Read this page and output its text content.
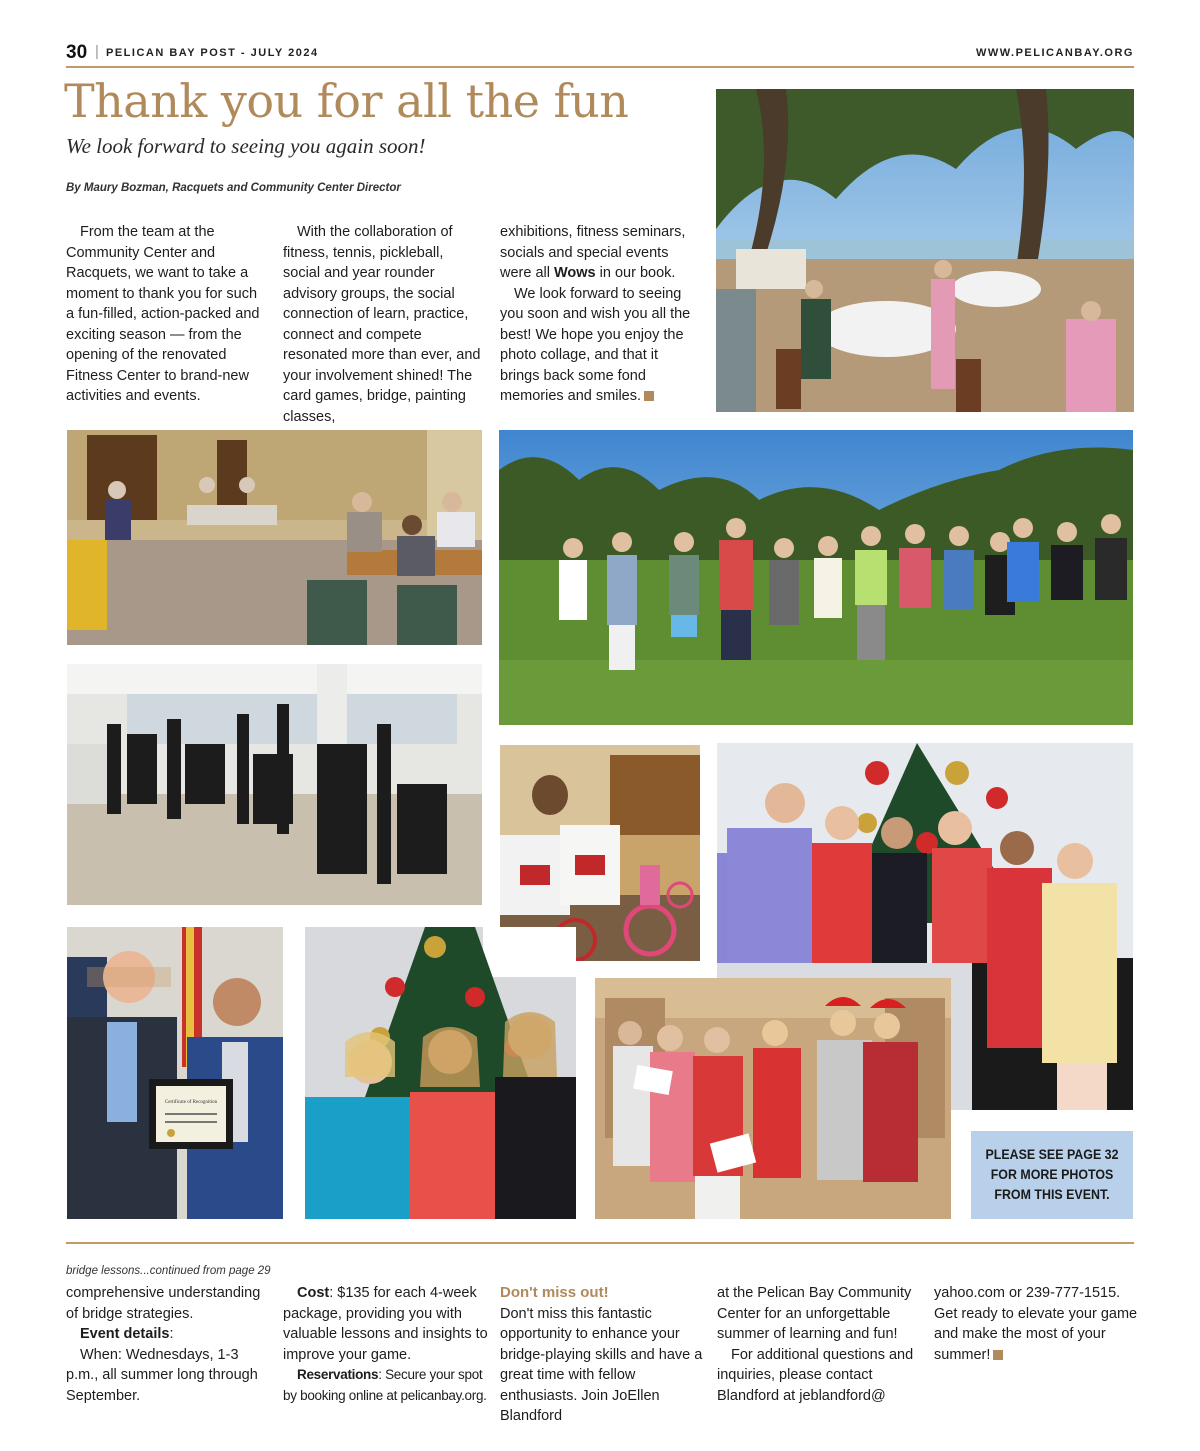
30 | PELICAN BAY POST - JULY 2024	WWW.PELICANBAY.ORG
Thank you for all the fun
We look forward to seeing you again soon!
By Maury Bozman, Racquets and Community Center Director

From the team at the Community Center and Racquets, we want to take a moment to thank you for such a fun-filled, action-packed and exciting season — from the opening of the renovated Fitness Center to brand-new activities and events.

With the collaboration of fitness, tennis, pickleball, social and year rounder advisory groups, the social connection of learn, practice, connect and compete resonated more than ever, and your involvement shined! The card games, bridge, painting classes,

exhibitions, fitness seminars, socials and special events were all Wows in our book.

We look forward to seeing you soon and wish you all the best! We hope you enjoy the photo collage, and that it brings back some fond memories and smiles.

Certificate of Recognition
PLEASE SEE PAGE 32 FOR MORE PHOTOS FROM THIS EVENT.
bridge lessons...continued from page 29

comprehensive understanding of bridge strategies.

Event details:

When: Wednesdays, 1-3 p.m., all summer long through September.

Cost: $135 for each 4-week package, providing you with valuable lessons and insights to improve your game.

Reservations: Secure your spot by booking online at pelicanbay.org.

Don't miss out!

Don't miss this fantastic opportunity to enhance your bridge-playing skills and have a great time with fellow enthusiasts. Join JoEllen Blandford

at the Pelican Bay Community Center for an unforgettable summer of learning and fun!

For additional questions and inquiries, please contact Blandford at jeblandford@

yahoo.com or 239-777-1515. Get ready to elevate your game and make the most of your summer!
